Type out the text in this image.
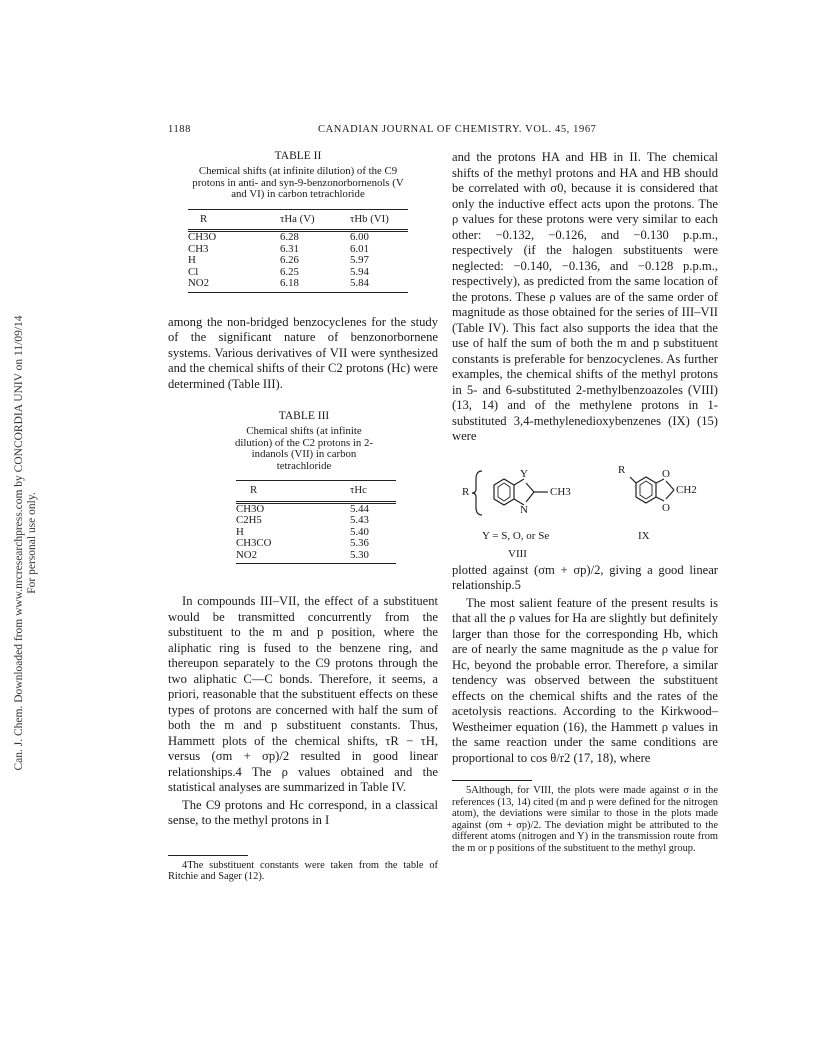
Can. J. Chem. Downloaded from www.nrcresearchpress.com by CONCORDIA UNIV on 11/09/14 For personal use only.
1188	CANADIAN JOURNAL OF CHEMISTRY. VOL. 45, 1967
TABLE II
Chemical shifts (at infinite dilution) of the C9 protons in anti- and syn-9-benzonorbornenols (V and VI) in carbon tetrachloride
R	τHa (V)	τHb (VI)
CH3O	6.28	6.00
CH3	6.31	6.01
H	6.26	5.97
Cl	6.25	5.94
NO2	6.18	5.84

among the non-bridged benzocyclenes for the study of the significant nature of benzonorbornene systems. Various derivatives of VII were synthesized and the chemical shifts of their C2 protons (Hc) were determined (Table III).

TABLE III
Chemical shifts (at infinite dilution) of the C2 protons in 2-indanols (VII) in carbon tetrachloride
R	τHc
CH3O	5.44
C2H5	5.43
H	5.40
CH3CO	5.36
NO2	5.30

In compounds III–VII, the effect of a substituent would be transmitted concurrently from the substituent to the m and p position, where the aliphatic ring is fused to the benzene ring, and thereupon separately to the C9 protons through the two aliphatic C—C bonds. Therefore, it seems, a priori, reasonable that the substituent effects on these types of protons are concerned with half the sum of both the m and p substituent constants. Thus, Hammett plots of the chemical shifts, τR − τH, versus (σm + σp)/2 resulted in good linear relationships.4 The ρ values obtained and the statistical analyses are summarized in Table IV.

The C9 protons and Hc correspond, in a classical sense, to the methyl protons in I

4The substituent constants were taken from the table of Ritchie and Sager (12).

and the protons HA and HB in II. The chemical shifts of the methyl protons and HA and HB should be correlated with σ0, because it is considered that only the inductive effect acts upon the protons. The ρ values for these protons were very similar to each other: −0.132, −0.126, and −0.130 p.p.m., respectively (if the halogen substituents were neglected: −0.140, −0.136, and −0.128 p.p.m., respectively), as predicted from the same location of the protons. These ρ values are of the same order of magnitude as those obtained for the series of III–VII (Table IV). This fact also supports the idea that the use of half the sum of both the m and p substituent constants is preferable for benzocyclenes. As further examples, the chemical shifts of the methyl protons in 5- and 6-substituted 2-methylbenzoazoles (VIII) (13, 14) and of the methylene protons in 1-substituted 3,4-methylenedioxybenzenes (IX) (15) were

R
Y
N
CH3
Y = S, O, or Se
VIII
R	O
O
CH2
IX

plotted against (σm + σp)/2, giving a good linear relationship.5

The most salient feature of the present results is that all the ρ values for Ha are slightly but definitely larger than those for the corresponding Hb, which are of nearly the same magnitude as the ρ value for Hc, beyond the probable error. Therefore, a similar tendency was observed between the substituent effects on the chemical shifts and the rates of the acetolysis reactions. According to the Kirkwood–Westheimer equation (16), the Hammett ρ values in the same reaction under the same conditions are proportional to cos θ/r2 (17, 18), where

5Although, for VIII, the plots were made against σ in the references (13, 14) cited (m and p were defined for the nitrogen atom), the deviations were similar to those in the plots made against (σm + σp)/2. The deviation might be attributed to the different atoms (nitrogen and Y) in the transmission route from the m or p positions of the substituent to the methyl group.
